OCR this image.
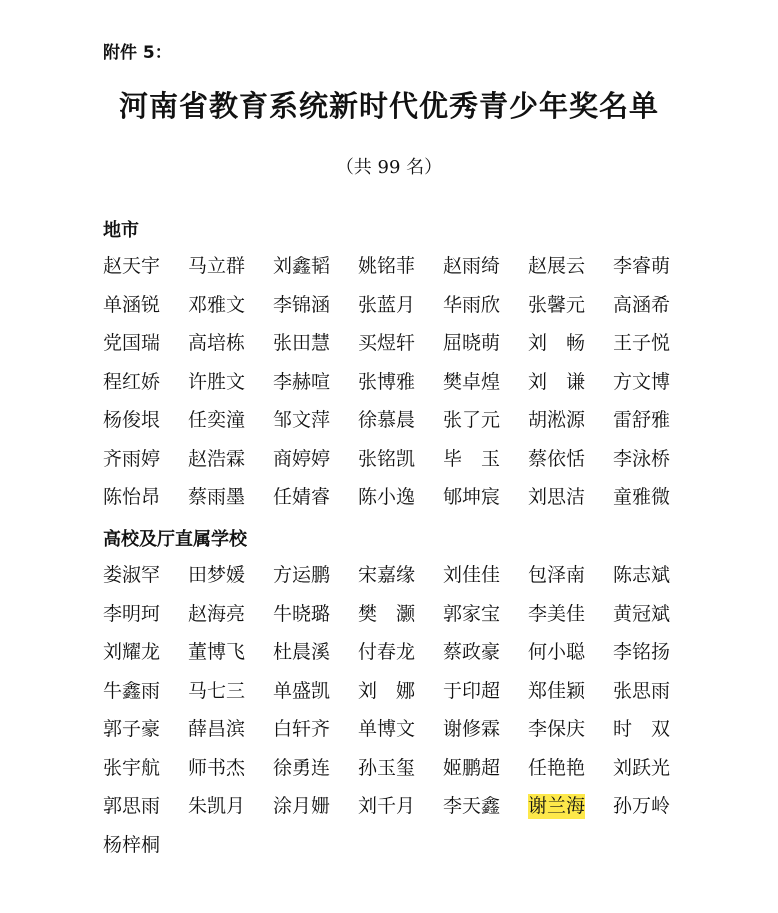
附件 5：
河南省教育系统新时代优秀青少年奖名单
（共 99 名）
地市
赵天宇	马立群	刘鑫韬	姚铭菲	赵雨绮	赵展云	李睿萌
单涵锐	邓雅文	李锦涵	张蓝月	华雨欣	张馨元	高涵希
党国瑞	高培栋	张田慧	买煜轩	屈晓萌	刘　畅	王子悦
程红娇	许胜文	李赫喧	张博雅	樊卓煌	刘　谦	方文博
杨俊垠	任奕潼	邹文萍	徐慕晨	张了元	胡淞源	雷舒雅
齐雨婷	赵浩霖	商婷婷	张铭凯	毕　玉	蔡依恬	李泳桥
陈怡昂	蔡雨墨	任婧睿	陈小逸	郇坤宸	刘思洁	童雅微
高校及厅直属学校
娄淑罕	田梦媛	方运鹏	宋嘉缘	刘佳佳	包泽南	陈志斌
李明珂	赵海亮	牛晓璐	樊　灏	郭家宝	李美佳	黄冠斌
刘耀龙	董博飞	杜晨溪	付春龙	蔡政豪	何小聪	李铭扬
牛鑫雨	马七三	单盛凯	刘　娜	于印超	郑佳颖	张思雨
郭子豪	薛昌滨	白轩齐	单博文	谢修霖	李保庆	时　双
张宇航	师书杰	徐勇连	孙玉玺	姬鹏超	任艳艳	刘跃光
郭思雨	朱凯月	涂月姗	刘千月	李天鑫	谢兰海	孙万岭
杨梓桐
